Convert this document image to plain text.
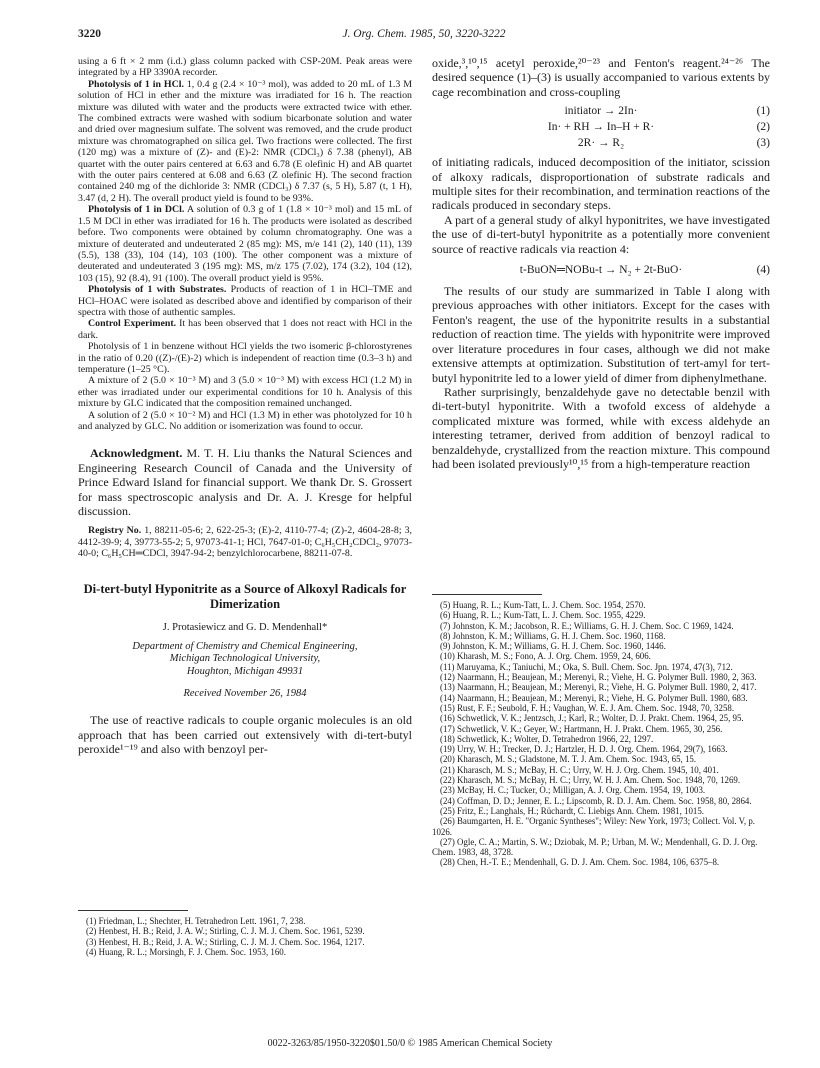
3220	J. Org. Chem. 1985, 50, 3220-3222

using a 6 ft × 2 mm (i.d.) glass column packed with CSP-20M. Peak areas were integrated by a HP 3390A recorder.

Photolysis of 1 in HCl. 1, 0.4 g (2.4 × 10⁻³ mol), was added to 20 mL of 1.3 M solution of HCl in ether and the mixture was irradiated for 16 h. The reaction mixture was diluted with water and the products were extracted twice with ether. The combined extracts were washed with sodium bicarbonate solution and water and dried over magnesium sulfate. The solvent was removed, and the crude product mixture was chromatographed on silica gel. Two fractions were collected. The first (120 mg) was a mixture of (Z)- and (E)-2: NMR (CDCl₃) δ 7.38 (phenyl), AB quartet with the outer pairs centered at 6.63 and 6.78 (E olefinic H) and AB quartet with the outer pairs centered at 6.08 and 6.63 (Z olefinic H). The second fraction contained 240 mg of the dichloride 3: NMR (CDCl₃) δ 7.37 (s, 5 H), 5.87 (t, 1 H), 3.47 (d, 2 H). The overall product yield is found to be 93%.

Photolysis of 1 in DCl. A solution of 0.3 g of 1 (1.8 × 10⁻³ mol) and 15 mL of 1.5 M DCl in ether was irradiated for 16 h. The products were isolated as described before. Two components were obtained by column chromatography. One was a mixture of deuterated and undeuterated 2 (85 mg): MS, m/e 141 (2), 140 (11), 139 (5.5), 138 (33), 104 (14), 103 (100). The other component was a mixture of deuterated and undeuterated 3 (195 mg): MS, m/z 175 (7.02), 174 (3.2), 104 (12), 103 (15), 92 (8.4), 91 (100). The overall product yield is 95%.

Photolysis of 1 with Substrates. Products of reaction of 1 in HCl–TME and HCl–HOAC were isolated as described above and identified by comparison of their spectra with those of authentic samples.

Control Experiment. It has been observed that 1 does not react with HCl in the dark.

Photolysis of 1 in benzene without HCl yields the two isomeric β-chlorostyrenes in the ratio of 0.20 ((Z)-/(E)-2) which is independent of reaction time (0.3–3 h) and temperature (1–25 °C).

A mixture of 2 (5.0 × 10⁻³ M) and 3 (5.0 × 10⁻³ M) with excess HCl (1.2 M) in ether was irradiated under our experimental conditions for 10 h. Analysis of this mixture by GLC indicated that the composition remained unchanged.

A solution of 2 (5.0 × 10⁻² M) and HCl (1.3 M) in ether was photolyzed for 10 h and analyzed by GLC. No addition or isomerization was found to occur.

Acknowledgment. M. T. H. Liu thanks the Natural Sciences and Engineering Research Council of Canada and the University of Prince Edward Island for financial support. We thank Dr. S. Grossert for mass spectroscopic analysis and Dr. A. J. Kresge for helpful discussion.

Registry No. 1, 88211-05-6; 2, 622-25-3; (E)-2, 4110-77-4; (Z)-2, 4604-28-8; 3, 4412-39-9; 4, 39773-55-2; 5, 97073-41-1; HCl, 7647-01-0; C₆H₅CH₂CDCl₂, 97073-40-0; C₆H₅CH═CDCl, 3947-94-2; benzylchlorocarbene, 88211-07-8.

Di-tert-butyl Hyponitrite as a Source of Alkoxyl Radicals for Dimerization
J. Protasiewicz and G. D. Mendenhall*
Department of Chemistry and Chemical Engineering,
Michigan Technological University,
Houghton, Michigan 49931
Received November 26, 1984

The use of reactive radicals to couple organic molecules is an old approach that has been carried out extensively with di-tert-butyl peroxide¹⁻¹⁹ and also with benzoyl per-

(1) Friedman, L.; Shechter, H. Tetrahedron Lett. 1961, 7, 238.

(2) Henbest, H. B.; Reid, J. A. W.; Stirling, C. J. M. J. Chem. Soc. 1961, 5239.

(3) Henbest, H. B.; Reid, J. A. W.; Stirling, C. J. M. J. Chem. Soc. 1964, 1217.

(4) Huang, R. L.; Morsingh, F. J. Chem. Soc. 1953, 160.

oxide,³,¹⁰,¹⁵ acetyl peroxide,²⁰⁻²³ and Fenton's reagent.²⁴⁻²⁶ The desired sequence (1)–(3) is usually accompanied to various extents by cage recombination and cross-coupling

initiator → 2In·	(1)
In· + RH → In–H + R·	(2)
2R· → R₂	(3)

of initiating radicals, induced decomposition of the initiator, scission of alkoxy radicals, disproportionation of substrate radicals and multiple sites for their recombination, and termination reactions of the radicals produced in secondary steps.

A part of a general study of alkyl hyponitrites, we have investigated the use of di-tert-butyl hyponitrite as a potentially more convenient source of reactive radicals via reaction 4:

t-BuON═NOBu-t → N₂ + 2t-BuO·	(4)

The results of our study are summarized in Table I along with previous approaches with other initiators. Except for the cases with Fenton's reagent, the use of the hyponitrite results in a substantial reduction of reaction time. The yields with hyponitrite were improved over literature procedures in four cases, although we did not make extensive attempts at optimization. Substitution of tert-amyl for tert-butyl hyponitrite led to a lower yield of dimer from diphenylmethane.

Rather surprisingly, benzaldehyde gave no detectable benzil with di-tert-butyl hyponitrite. With a twofold excess of aldehyde a complicated mixture was formed, while with excess aldehyde an interesting tetramer, derived from addition of benzoyl radical to benzaldehyde, crystallized from the reaction mixture. This compound had been isolated previously¹⁰,¹⁵ from a high-temperature reaction

(5) Huang, R. L.; Kum-Tatt, L. J. Chem. Soc. 1954, 2570.

(6) Huang, R. L.; Kum-Tatt, L. J. Chem. Soc. 1955, 4229.

(7) Johnston, K. M.; Jacobson, R. E.; Williams, G. H. J. Chem. Soc. C 1969, 1424.

(8) Johnston, K. M.; Williams, G. H. J. Chem. Soc. 1960, 1168.

(9) Johnston, K. M.; Williams, G. H. J. Chem. Soc. 1960, 1446.

(10) Kharash, M. S.; Fono, A. J. Org. Chem. 1959, 24, 606.

(11) Maruyama, K.; Taniuchi, M.; Oka, S. Bull. Chem. Soc. Jpn. 1974, 47(3), 712.

(12) Naarmann, H.; Beaujean, M.; Merenyi, R.; Viehe, H. G. Polymer Bull. 1980, 2, 363.

(13) Naarmann, H.; Beaujean, M.; Merenyi, R.; Viehe, H. G. Polymer Bull. 1980, 2, 417.

(14) Naarmann, H.; Beaujean, M.; Merenyi, R.; Viehe, H. G. Polymer Bull. 1980, 683.

(15) Rust, F. F.; Seubold, F. H.; Vaughan, W. E. J. Am. Chem. Soc. 1948, 70, 3258.

(16) Schwetlick, V. K.; Jentzsch, J.; Karl, R.; Wolter, D. J. Prakt. Chem. 1964, 25, 95.

(17) Schwetlick, V. K.; Geyer, W.; Hartmann, H. J. Prakt. Chem. 1965, 30, 256.

(18) Schwetlick, K.; Wolter, D. Tetrahedron 1966, 22, 1297.

(19) Urry, W. H.; Trecker, D. J.; Hartzler, H. D. J. Org. Chem. 1964, 29(7), 1663.

(20) Kharasch, M. S.; Gladstone, M. T. J. Am. Chem. Soc. 1943, 65, 15.

(21) Kharasch, M. S.; McBay, H. C.; Urry, W. H. J. Org. Chem. 1945, 10, 401.

(22) Kharasch, M. S.; McBay, H. C.; Urry, W. H. J. Am. Chem. Soc. 1948, 70, 1269.

(23) McBay, H. C.; Tucker, O.; Milligan, A. J. Org. Chem. 1954, 19, 1003.

(24) Coffman, D. D.; Jenner, E. L.; Lipscomb, R. D. J. Am. Chem. Soc. 1958, 80, 2864.

(25) Fritz, E.; Langhals, H.; Rüchardt, C. Liebigs Ann. Chem. 1981, 1015.

(26) Baumgarten, H. E. "Organic Syntheses"; Wiley: New York, 1973; Collect. Vol. V, p. 1026.

(27) Ogle, C. A.; Martin, S. W.; Dziobak, M. P.; Urban, M. W.; Mendenhall, G. D. J. Org. Chem. 1983, 48, 3728.

(28) Chen, H.-T. E.; Mendenhall, G. D. J. Am. Chem. Soc. 1984, 106, 6375–8.

0022-3263/85/1950-3220$01.50/0 © 1985 American Chemical Society
